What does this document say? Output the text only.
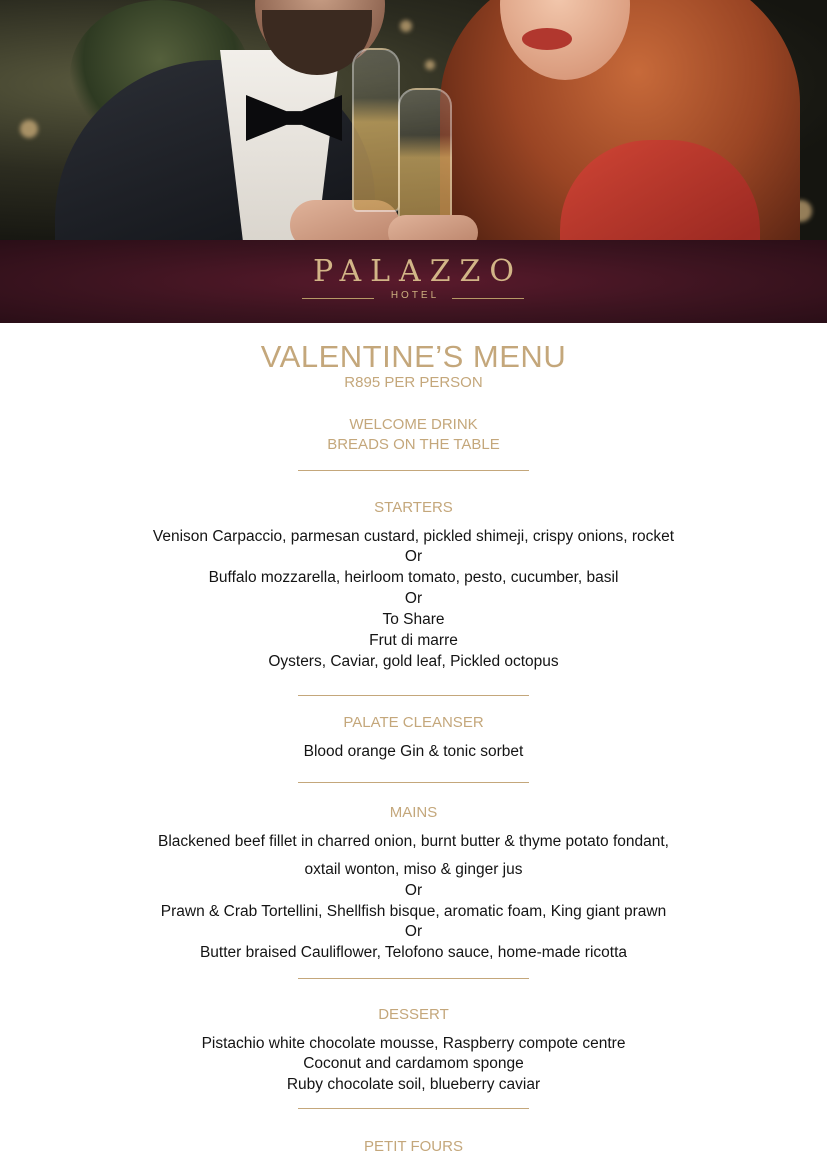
PALAZZO
HOTEL
VALENTINE’S MENU
R895 PER PERSON
WELCOME DRINK
BREADS ON THE TABLE
STARTERS
Venison Carpaccio, parmesan custard, pickled shimeji, crispy onions, rocket
Or
Buffalo mozzarella, heirloom tomato, pesto, cucumber, basil
Or
To Share
Frut di marre
Oysters, Caviar, gold leaf, Pickled octopus
PALATE CLEANSER
Blood orange Gin & tonic sorbet
MAINS
Blackened beef fillet in charred onion, burnt butter & thyme potato fondant,
oxtail wonton, miso & ginger jus
Or
Prawn & Crab Tortellini, Shellfish bisque, aromatic foam, King giant prawn
Or
Butter braised Cauliflower, Telofono sauce, home-made ricotta
DESSERT
Pistachio white chocolate mousse, Raspberry compote centre
Coconut and cardamom sponge
Ruby chocolate soil, blueberry caviar
PETIT FOURS
